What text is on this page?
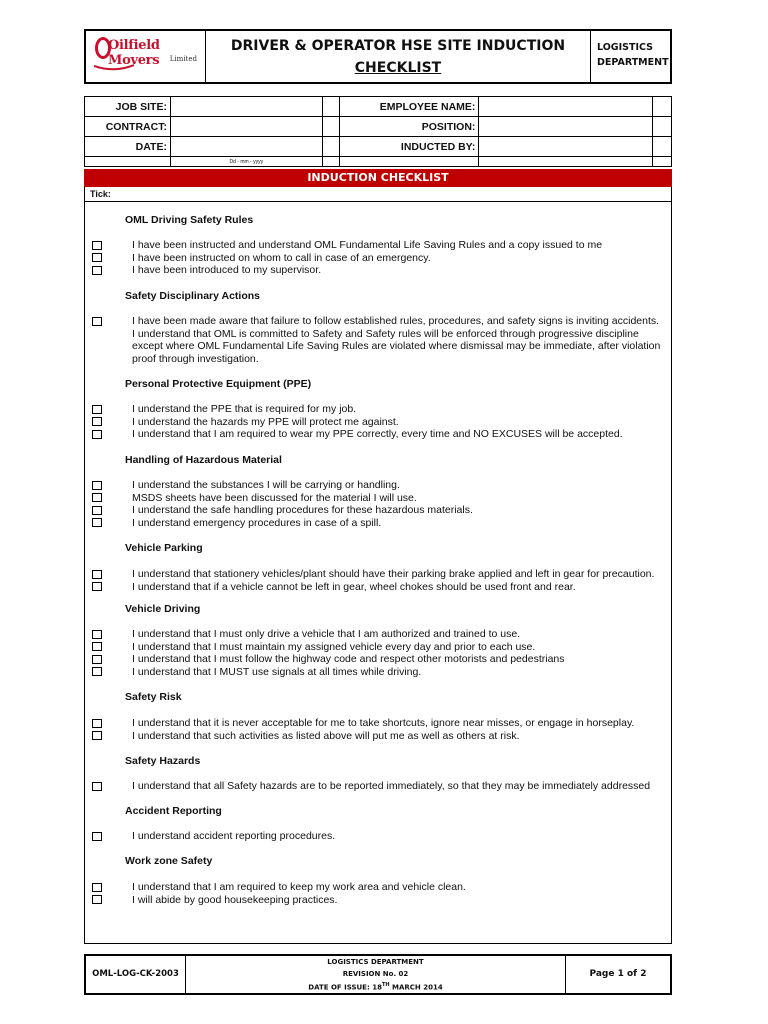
Oilfield Movers	Limited
DRIVER & OPERATOR HSE SITE INDUCTION
CHECKLIST
LOGISTICS
DEPARTMENT
JOB SITE:			EMPLOYEE NAME:		
CONTRACT:			POSITION:		
DATE:			INDUCTED BY:		
	Dd - mm - yyyy				
INDUCTION CHECKLIST
Tick:
OML Driving Safety Rules
I have been instructed and understand OML Fundamental Life Saving Rules and a copy issued to me
I have been instructed on whom to call in case of an emergency.
I have been introduced to my supervisor.
Safety Disciplinary Actions
I have been made aware that failure to follow established rules, procedures, and safety signs is inviting accidents. I understand that OML is committed to Safety and Safety rules will be enforced through progressive discipline except where OML Fundamental Life Saving Rules are violated where dismissal may be immediate, after violation proof through investigation.
Personal Protective Equipment (PPE)
I understand the PPE that is required for my job.
I understand the hazards my PPE will protect me against.
I understand that I am required to wear my PPE correctly, every time and NO EXCUSES will be accepted.
Handling of Hazardous Material
I understand the substances I will be carrying or handling.
MSDS sheets have been discussed for the material I will use.
I understand the safe handling procedures for these hazardous materials.
I understand emergency procedures in case of a spill.
Vehicle Parking
I understand that stationery vehicles/plant should have their parking brake applied and left in gear for precaution.
I understand that if a vehicle cannot be left in gear, wheel chokes should be used front and rear.
Vehicle Driving
I understand that I must only drive a vehicle that I am authorized and trained to use.
I understand that I must maintain my assigned vehicle every day and prior to each use.
I understand that I must follow the highway code and respect other motorists and pedestrians
I understand that I MUST use signals at all times while driving.
Safety Risk
I understand that it is never acceptable for me to take shortcuts, ignore near misses, or engage in horseplay.
I understand that such activities as listed above will put me as well as others at risk.
Safety Hazards
I understand that all Safety hazards are to be reported immediately, so that they may be immediately addressed
Accident Reporting
I understand accident reporting procedures.
Work zone Safety
I understand that I am required to keep my work area and vehicle clean.
I will abide by good housekeeping practices.
OML-LOG-CK-2003
LOGISTICS DEPARTMENT
REVISION No. 02
DATE OF ISSUE: 18TH MARCH 2014
Page 1 of 2
